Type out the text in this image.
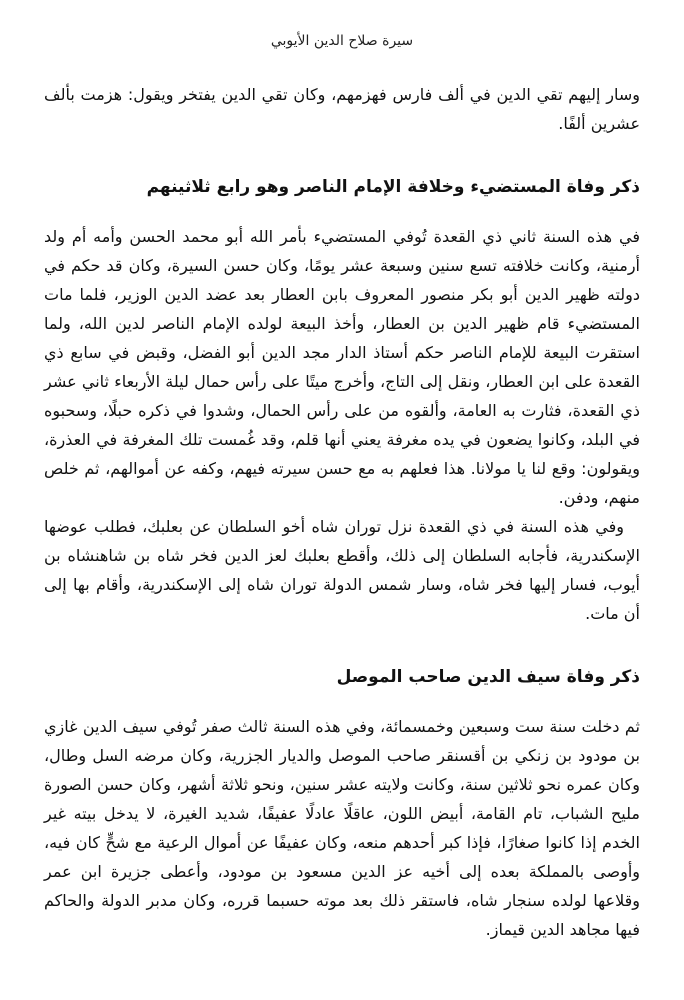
سيرة صلاح الدين الأيوبي

وسار إليهم تقي الدين في ألف فارس فهزمهم، وكان تقي الدين يفتخر ويقول: هزمت بألف عشرين ألفًا.

ذكر وفاة المستضيء وخلافة الإمام الناصر وهو رابع ثلاثينهم

في هذه السنة ثاني ذي القعدة تُوفي المستضيء بأمر الله أبو محمد الحسن وأمه أم ولد أرمنية، وكانت خلافته تسع سنين وسبعة عشر يومًا، وكان حسن السيرة، وكان قد حكم في دولته ظهير الدين أبو بكر منصور المعروف بابن العطار بعد عضد الدين الوزير، فلما مات المستضيء قام ظهير الدين بن العطار، وأخذ البيعة لولده الإمام الناصر لدين الله، ولما استقرت البيعة للإمام الناصر حكم أستاذ الدار مجد الدين أبو الفضل، وقبض في سابع ذي القعدة على ابن العطار، ونقل إلى التاج، وأخرج ميتًا على رأس حمال ليلة الأربعاء ثاني عشر ذي القعدة، فثارت به العامة، وألقوه من على رأس الحمال، وشدوا في ذكره حبلًا، وسحبوه في البلد، وكانوا يضعون في يده مغرفة يعني أنها قلم، وقد غُمست تلك المغرفة في العذرة، ويقولون: وقع لنا يا مولانا. هذا فعلهم به مع حسن سيرته فيهم، وكفه عن أموالهم، ثم خلص منهم، ودفن.

وفي هذه السنة في ذي القعدة نزل توران شاه أخو السلطان عن بعلبك، فطلب عوضها الإسكندرية، فأجابه السلطان إلى ذلك، وأقطع بعلبك لعز الدين فخر شاه بن شاهنشاه بن أيوب، فسار إليها فخر شاه، وسار شمس الدولة توران شاه إلى الإسكندرية، وأقام بها إلى أن مات.

ذكر وفاة سيف الدين صاحب الموصل

ثم دخلت سنة ست وسبعين وخمسمائة، وفي هذه السنة ثالث صفر تُوفي سيف الدين غازي بن مودود بن زنكي بن أقسنقر صاحب الموصل والديار الجزرية، وكان مرضه السل وطال، وكان عمره نحو ثلاثين سنة، وكانت ولايته عشر سنين، ونحو ثلاثة أشهر، وكان حسن الصورة مليح الشباب، تام القامة، أبيض اللون، عاقلًا عادلًا عفيفًا، شديد الغيرة، لا يدخل بيته غير الخدم إذا كانوا صغارًا، فإذا كبر أحدهم منعه، وكان عفيفًا عن أموال الرعية مع شحٍّ كان فيه، وأوصى بالمملكة بعده إلى أخيه عز الدين مسعود بن مودود، وأعطى جزيرة ابن عمر وقلاعها لولده سنجار شاه، فاستقر ذلك بعد موته حسبما قرره، وكان مدبر الدولة والحاكم فيها مجاهد الدين قيماز.
